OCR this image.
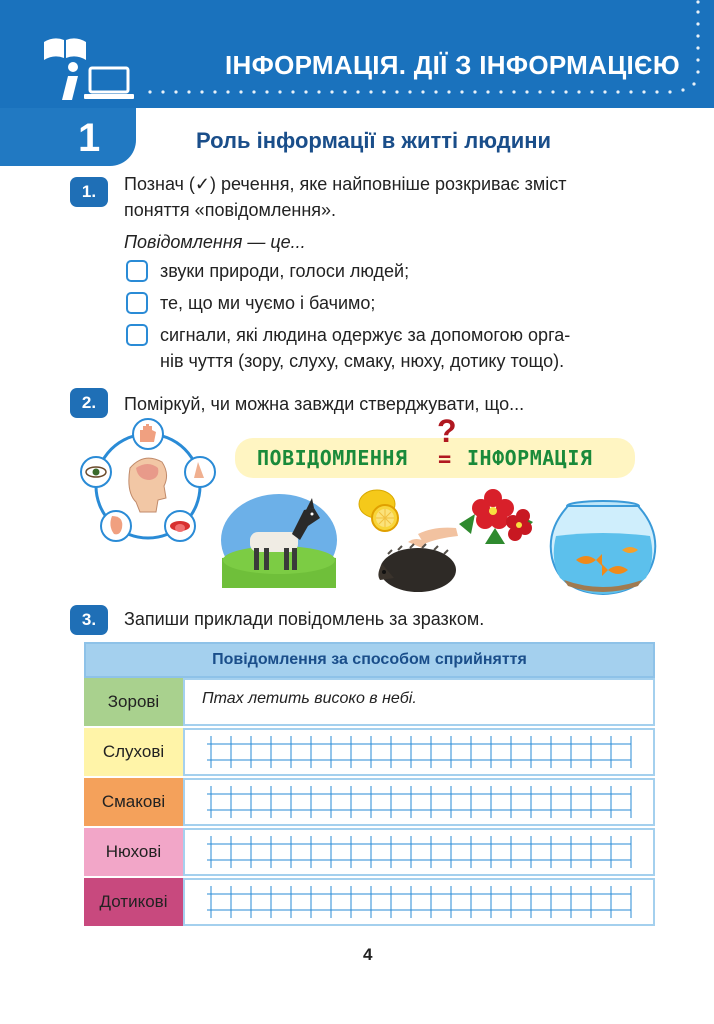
ІНФОРМАЦІЯ. ДІЇ З ІНФОРМАЦІЄЮ
1	Роль інформації в житті людини
1.	Познач (✓) речення, яке найповніше розкриває зміст
поняття «повідомлення».
Повідомлення — це...
звуки природи, голоси людей;
те, що ми чуємо і бачимо;
сигнали, які людина одержує за допомогою орга-
нів чуття (зору, слуху, смаку, нюху, дотику тощо).
2.	Поміркуй, чи можна завжди стверджувати, що...
ПОВІДОМЛЕННЯ
?
= ІНФОРМАЦІЯ
3.	Запиши приклади повідомлень за зразком.
Повідомлення за способом сприйняття
Зорові	Птах летить високо в небі.
Слухові
Смакові
Нюхові
Дотикові
4
